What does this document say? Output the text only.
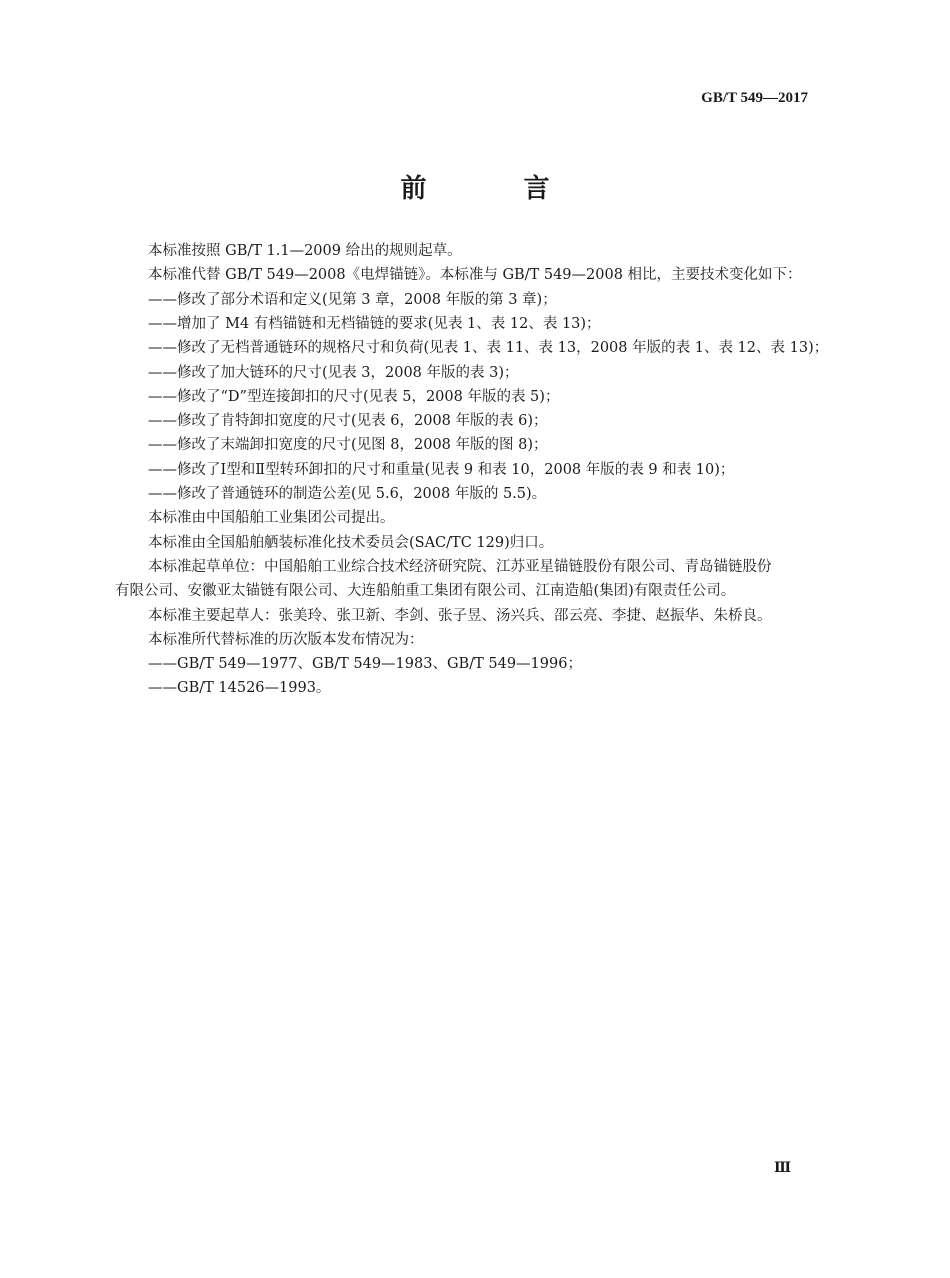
GB/T 549—2017
前 言
本标准按照 GB/T 1.1—2009 给出的规则起草。
本标准代替 GB/T 549—2008《电焊锚链》。本标准与 GB/T 549—2008 相比，主要技术变化如下：
——修改了部分术语和定义(见第 3 章，2008 年版的第 3 章)；
——增加了 M4 有档锚链和无档锚链的要求(见表 1、表 12、表 13)；
——修改了无档普通链环的规格尺寸和负荷(见表 1、表 11、表 13，2008 年版的表 1、表 12、表 13)；
——修改了加大链环的尺寸(见表 3，2008 年版的表 3)；
——修改了“D”型连接卸扣的尺寸(见表 5，2008 年版的表 5)；
——修改了肯特卸扣宽度的尺寸(见表 6，2008 年版的表 6)；
——修改了末端卸扣宽度的尺寸(见图 8，2008 年版的图 8)；
——修改了Ⅰ型和Ⅱ型转环卸扣的尺寸和重量(见表 9 和表 10，2008 年版的表 9 和表 10)；
——修改了普通链环的制造公差(见 5.6，2008 年版的 5.5)。
本标准由中国船舶工业集团公司提出。
本标准由全国船舶舾装标准化技术委员会(SAC/TC 129)归口。
本标准起草单位：中国船舶工业综合技术经济研究院、江苏亚星锚链股份有限公司、青岛锚链股份
有限公司、安徽亚太锚链有限公司、大连船舶重工集团有限公司、江南造船(集团)有限责任公司。
本标准主要起草人：张美玲、张卫新、李剑、张子昱、汤兴兵、邵云亮、李捷、赵振华、朱桥良。
本标准所代替标准的历次版本发布情况为：
——GB/T 549—1977、GB/T 549—1983、GB/T 549—1996；
——GB/T 14526—1993。
Ⅲ
